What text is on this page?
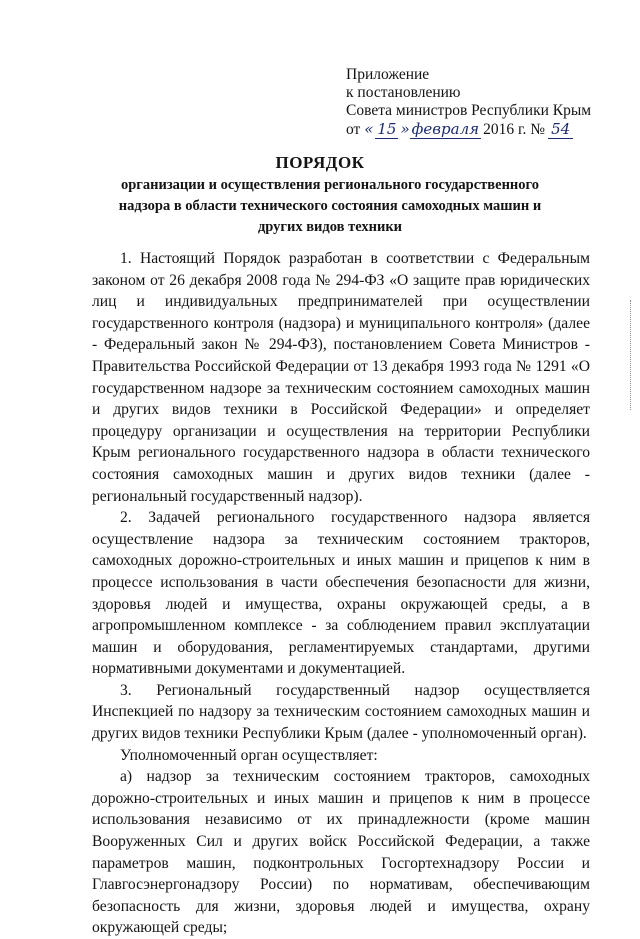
Приложение
к постановлению
Совета министров Республики Крым
от « 15 » февраля 2016 г. № 54
ПОРЯДОК
организации и осуществления регионального государственного надзора в области технического состояния самоходных машин и других видов техники

1. Настоящий Порядок разработан в соответствии с Федеральным законом от 26 декабря 2008 года № 294-ФЗ «О защите прав юридических лиц и индивидуальных предпринимателей при осуществлении государственного контроля (надзора) и муниципального контроля» (далее - Федеральный закон № 294-ФЗ), постановлением Совета Министров - Правительства Российской Федерации от 13 декабря 1993 года № 1291 «О государственном надзоре за техническим состоянием самоходных машин и других видов техники в Российской Федерации» и определяет процедуру организации и осуществления на территории Республики Крым регионального государственного надзора в области технического состояния самоходных машин и других видов техники (далее - региональный государственный надзор).

2. Задачей регионального государственного надзора является осуществление надзора за техническим состоянием тракторов, самоходных дорожно-строительных и иных машин и прицепов к ним в процессе использования в части обеспечения безопасности для жизни, здоровья людей и имущества, охраны окружающей среды, а в агропромышленном комплексе - за соблюдением правил эксплуатации машин и оборудования, регламентируемых стандартами, другими нормативными документами и документацией.

3. Региональный государственный надзор осуществляется Инспекцией по надзору за техническим состоянием самоходных машин и других видов техники Республики Крым (далее - уполномоченный орган).

Уполномоченный орган осуществляет:

а) надзор за техническим состоянием тракторов, самоходных дорожно-строительных и иных машин и прицепов к ним в процессе использования независимо от их принадлежности (кроме машин Вооруженных Сил и других войск Российской Федерации, а также параметров машин, подконтрольных Госгортехнадзору России и Главгосэнергонадзору России) по нормативам, обеспечивающим безопасность для жизни, здоровья людей и имущества, охрану окружающей среды;
